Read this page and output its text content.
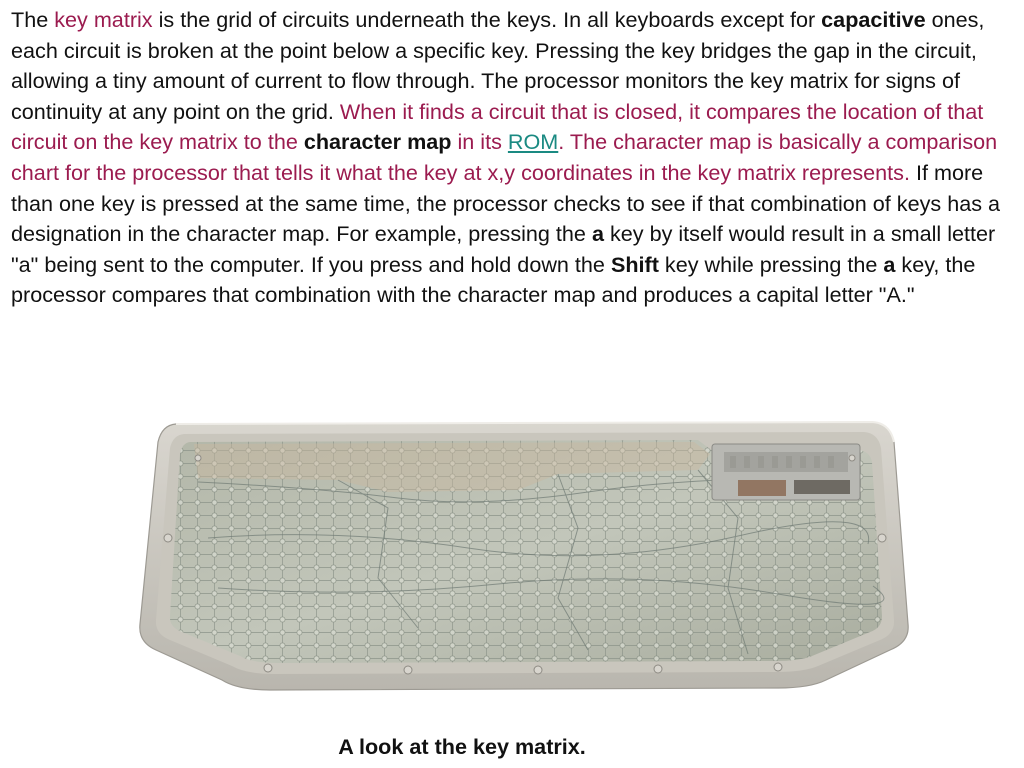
The key matrix is the grid of circuits underneath the keys. In all keyboards except for capacitive ones, each circuit is broken at the point below a specific key. Pressing the key bridges the gap in the circuit, allowing a tiny amount of current to flow through. The processor monitors the key matrix for signs of continuity at any point on the grid. When it finds a circuit that is closed, it compares the location of that circuit on the key matrix to the character map in its ROM. The character map is basically a comparison chart for the processor that tells it what the key at x,y coordinates in the key matrix represents. If more than one key is pressed at the same time, the processor checks to see if that combination of keys has a designation in the character map. For example, pressing the a key by itself would result in a small letter "a" being sent to the computer. If you press and hold down the Shift key while pressing the a key, the processor compares that combination with the character map and produces a capital letter "A."
A look at the key matrix.
